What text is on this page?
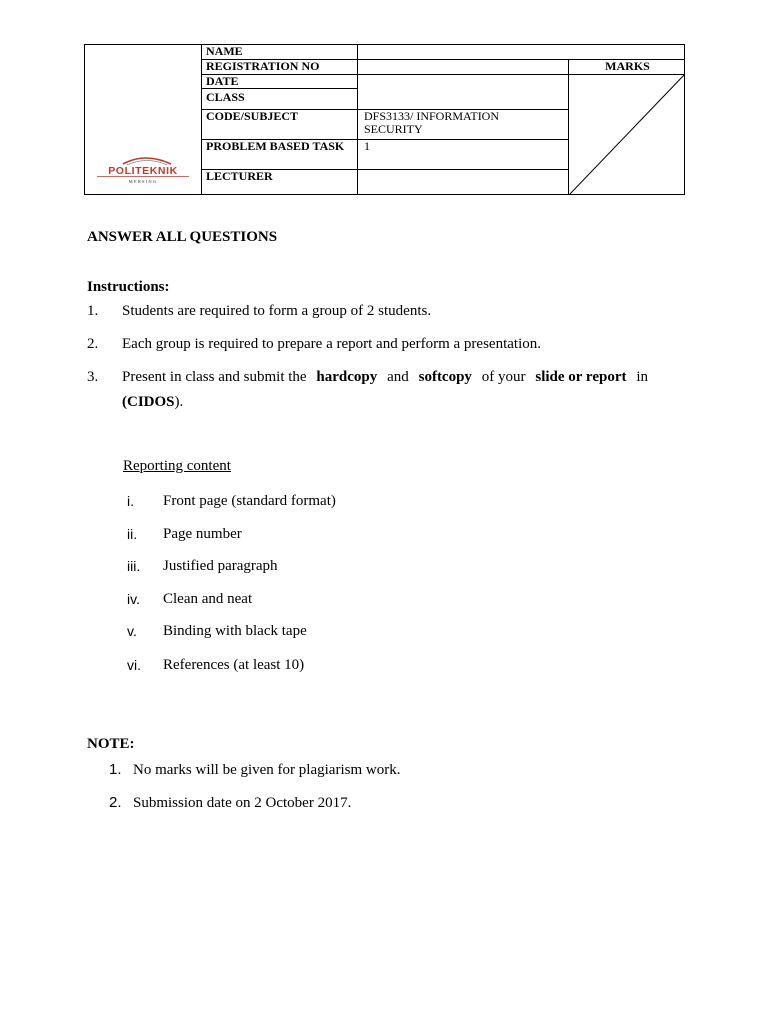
POLITEKNIK
MERSING
NAME
REGISTRATION NO
DATE
CLASS
CODE/SUBJECT
PROBLEM BASED TASK
LECTURER
DFS3133/ INFORMATION SECURITY
1
MARKS
ANSWER ALL QUESTIONS
Instructions:
1. Students are required to form a group of 2 students.
2. Each group is required to prepare a report and perform a presentation.
3. Present in class and submit the hardcopy and softcopy of your slide or report in
(CIDOS).
Reporting content
i. Front page (standard format)
ii. Page number
iii. Justified paragraph
iv. Clean and neat
v. Binding with black tape
vi. References (at least 10)
NOTE:
1. No marks will be given for plagiarism work.
2. Submission date on 2 October 2017.
